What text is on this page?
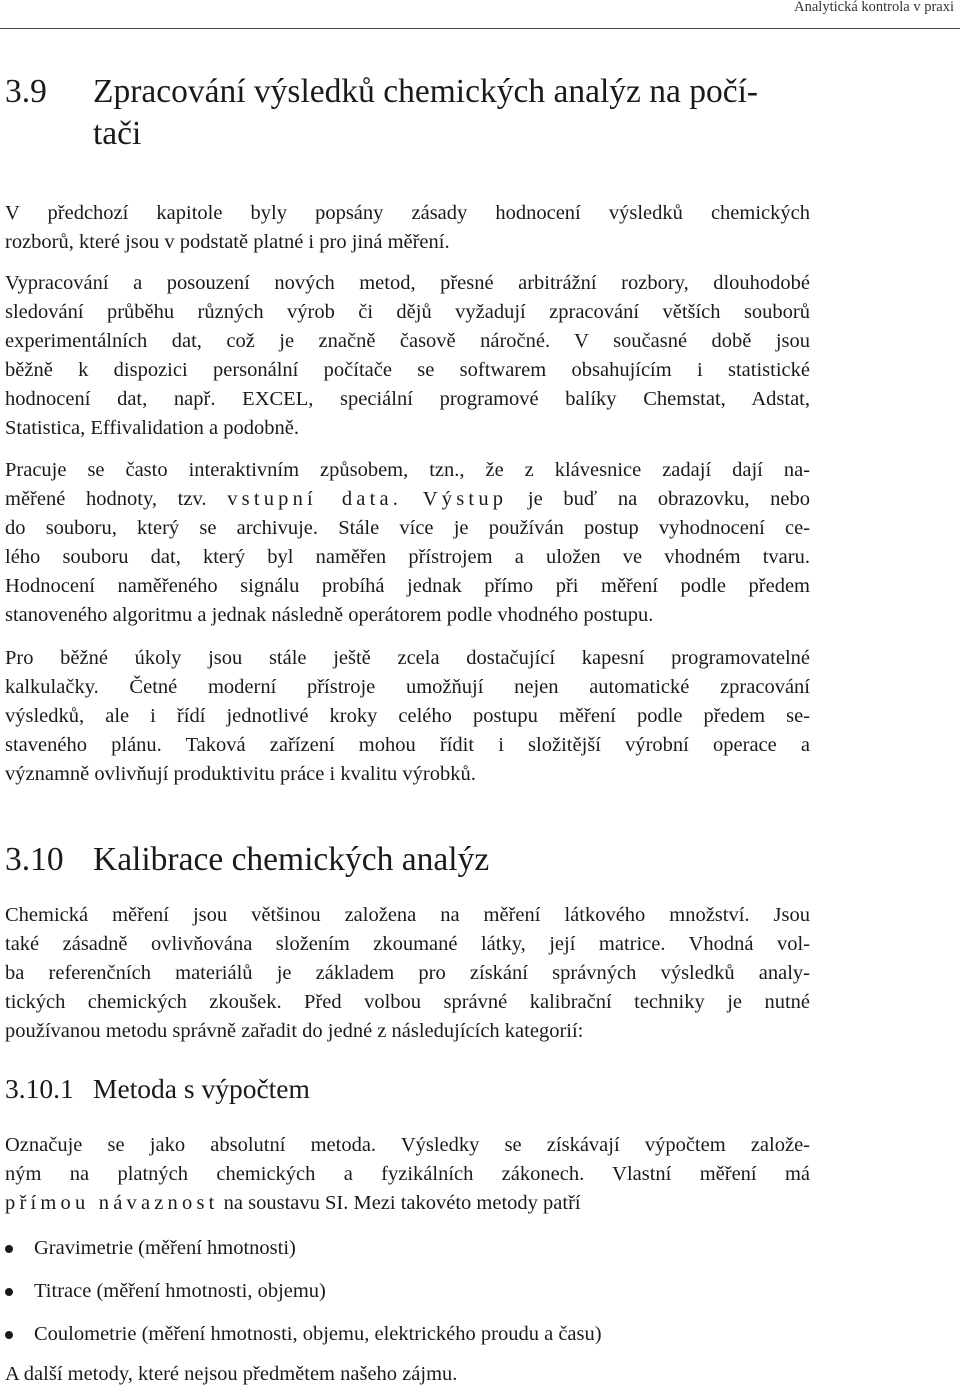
Analytická kontrola v praxi
3.9 Zpracování výsledků chemických analýz na počí-
tači
V předchozí kapitole byly popsány zásady hodnocení výsledků chemických
rozborů, které jsou v podstatě platné i pro jiná měření.
Vypracování a posouzení nových metod, přesné arbitrážní rozbory, dlouhodobé
sledování průběhu různých výrob či dějů vyžadují zpracování větších souborů
experimentálních dat, což je značně časově náročné. V současné době jsou
běžně k dispozici personální počítače se softwarem obsahujícím i statistické
hodnocení dat, např. EXCEL, speciální programové balíky Chemstat, Adstat,
Statistica, Effivalidation a podobně.
Pracuje se často interaktivním způsobem, tzn., že z klávesnice zadají dají na-
měřené hodnoty, tzv. vstupní data. Výstup je buď na obrazovku, nebo
do souboru, který se archivuje. Stále více je používán postup vyhodnocení ce-
lého souboru dat, který byl naměřen přístrojem a uložen ve vhodném tvaru.
Hodnocení naměřeného signálu probíhá jednak přímo při měření podle předem
stanoveného algoritmu a jednak následně operátorem podle vhodného postupu.
Pro běžné úkoly jsou stále ještě zcela dostačující kapesní programovatelné
kalkulačky. Četné moderní přístroje umožňují nejen automatické zpracování
výsledků, ale i řídí jednotlivé kroky celého postupu měření podle předem se-
staveného plánu. Taková zařízení mohou řídit i složitější výrobní operace a
významně ovlivňují produktivitu práce i kvalitu výrobků.
3.10 Kalibrace chemických analýz
Chemická měření jsou většinou založena na měření látkového množství. Jsou
také zásadně ovlivňována složením zkoumané látky, její matrice. Vhodná vol-
ba referenčních materiálů je základem pro získání správných výsledků analy-
tických chemických zkoušek. Před volbou správné kalibrační techniky je nutné
používanou metodu správně zařadit do jedné z následujících kategorií:
3.10.1 Metoda s výpočtem
Označuje se jako absolutní metoda. Výsledky se získávají výpočtem založe-
ným na platných chemických a fyzikálních zákonech. Vlastní měření má
přímou návaznost na soustavu SI. Mezi takovéto metody patří
Gravimetrie (měření hmotnosti)
Titrace (měření hmotnosti, objemu)
Coulometrie (měření hmotnosti, objemu, elektrického proudu a času)
A další metody, které nejsou předmětem našeho zájmu.
